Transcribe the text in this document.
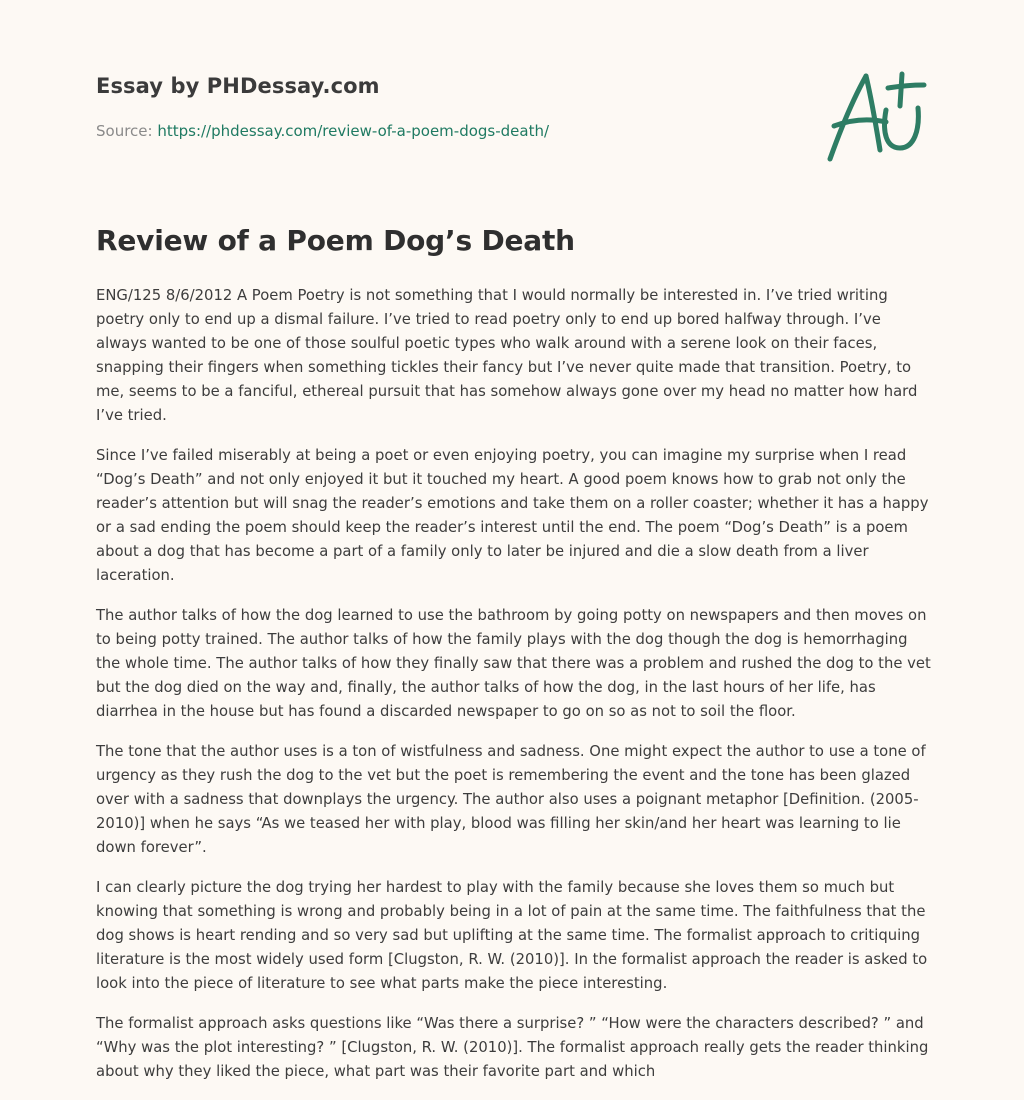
Essay by PHDessay.com
Source: https://phdessay.com/review-of-a-poem-dogs-death/
Review of a Poem Dog’s Death

ENG/125 8/6/2012 A Poem Poetry is not something that I would normally be interested in. I’ve tried writing poetry only to end up a dismal failure. I’ve tried to read poetry only to end up bored halfway through. I’ve always wanted to be one of those soulful poetic types who walk around with a serene look on their faces, snapping their fingers when something tickles their fancy but I’ve never quite made that transition. Poetry, to me, seems to be a fanciful, ethereal pursuit that has somehow always gone over my head no matter how hard I’ve tried.

Since I’ve failed miserably at being a poet or even enjoying poetry, you can imagine my surprise when I read “Dog’s Death” and not only enjoyed it but it touched my heart. A good poem knows how to grab not only the reader’s attention but will snag the reader’s emotions and take them on a roller coaster; whether it has a happy or a sad ending the poem should keep the reader’s interest until the end. The poem “Dog’s Death” is a poem about a dog that has become a part of a family only to later be injured and die a slow death from a liver laceration.

The author talks of how the dog learned to use the bathroom by going potty on newspapers and then moves on to being potty trained. The author talks of how the family plays with the dog though the dog is hemorrhaging the whole time. The author talks of how they finally saw that there was a problem and rushed the dog to the vet but the dog died on the way and, finally, the author talks of how the dog, in the last hours of her life, has diarrhea in the house but has found a discarded newspaper to go on so as not to soil the floor.

The tone that the author uses is a ton of wistfulness and sadness. One might expect the author to use a tone of urgency as they rush the dog to the vet but the poet is remembering the event and the tone has been glazed over with a sadness that downplays the urgency. The author also uses a poignant metaphor [Definition. (2005-2010)] when he says “As we teased her with play, blood was filling her skin/and her heart was learning to lie down forever”.

I can clearly picture the dog trying her hardest to play with the family because she loves them so much but knowing that something is wrong and probably being in a lot of pain at the same time. The faithfulness that the dog shows is heart rending and so very sad but uplifting at the same time. The formalist approach to critiquing literature is the most widely used form [Clugston, R. W. (2010)]. In the formalist approach the reader is asked to look into the piece of literature to see what parts make the piece interesting.

The formalist approach asks questions like “Was there a surprise? ” “How were the characters described? ” and “Why was the plot interesting? ” [Clugston, R. W. (2010)]. The formalist approach really gets the reader thinking about why they liked the piece, what part was their favorite part and which
